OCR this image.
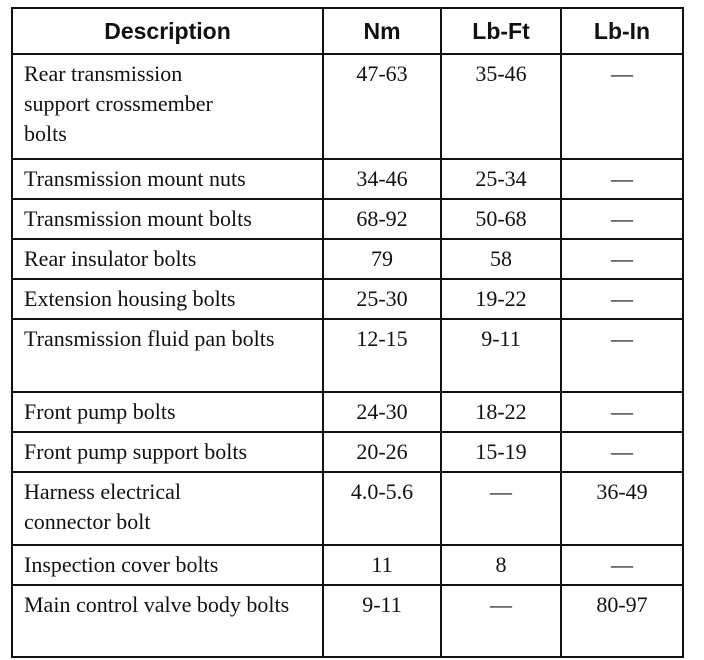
Description	Nm	Lb-Ft	Lb-In
Rear transmission support crossmember bolts	47-63	35-46	—
Transmission mount nuts	34-46	25-34	—
Transmission mount bolts	68-92	50-68	—
Rear insulator bolts	79	58	—
Extension housing bolts	25-30	19-22	—
Transmission fluid pan bolts	12-15	9-11	—
Front pump bolts	24-30	18-22	—
Front pump support bolts	20-26	15-19	—
Harness electrical connector bolt	4.0-5.6	—	36-49
Inspection cover bolts	11	8	—
Main control valve body bolts	9-11	—	80-97
